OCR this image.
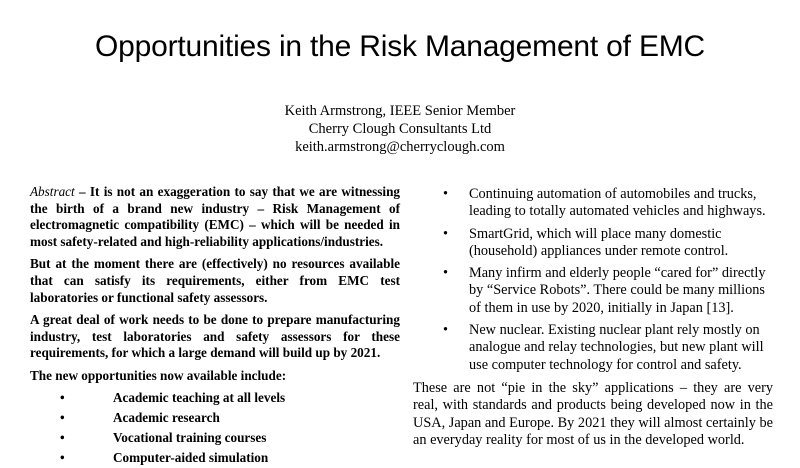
Opportunities in the Risk Management of EMC
Keith Armstrong, IEEE Senior Member
Cherry Clough Consultants Ltd
keith.armstrong@cherryclough.com

Abstract – It is not an exaggeration to say that we are witnessing the birth of a brand new industry – Risk Management of electromagnetic compatibility (EMC) – which will be needed in most safety-related and high-reliability applications/industries.

But at the moment there are (effectively) no resources available that can satisfy its requirements, either from EMC test laboratories or functional safety assessors.

A great deal of work needs to be done to prepare manufacturing industry, test laboratories and safety assessors for these requirements, for which a large demand will build up by 2021.

The new opportunities now available include:

•	Academic teaching at all levels
•	Academic research
•	Vocational training courses
•	Computer-aided simulation
• Continuing automation of automobiles and trucks, leading to totally automated vehicles and highways.
• SmartGrid, which will place many domestic (household) appliances under remote control.
• Many infirm and elderly people “cared for” directly by “Service Robots”. There could be many millions of them in use by 2020, initially in Japan [13].
• New nuclear. Existing nuclear plant rely mostly on analogue and relay technologies, but new plant will use computer technology for control and safety.

These are not “pie in the sky” applications – they are very real, with standards and products being developed now in the USA, Japan and Europe. By 2021 they will almost certainly be an everyday reality for most of us in the developed world.
